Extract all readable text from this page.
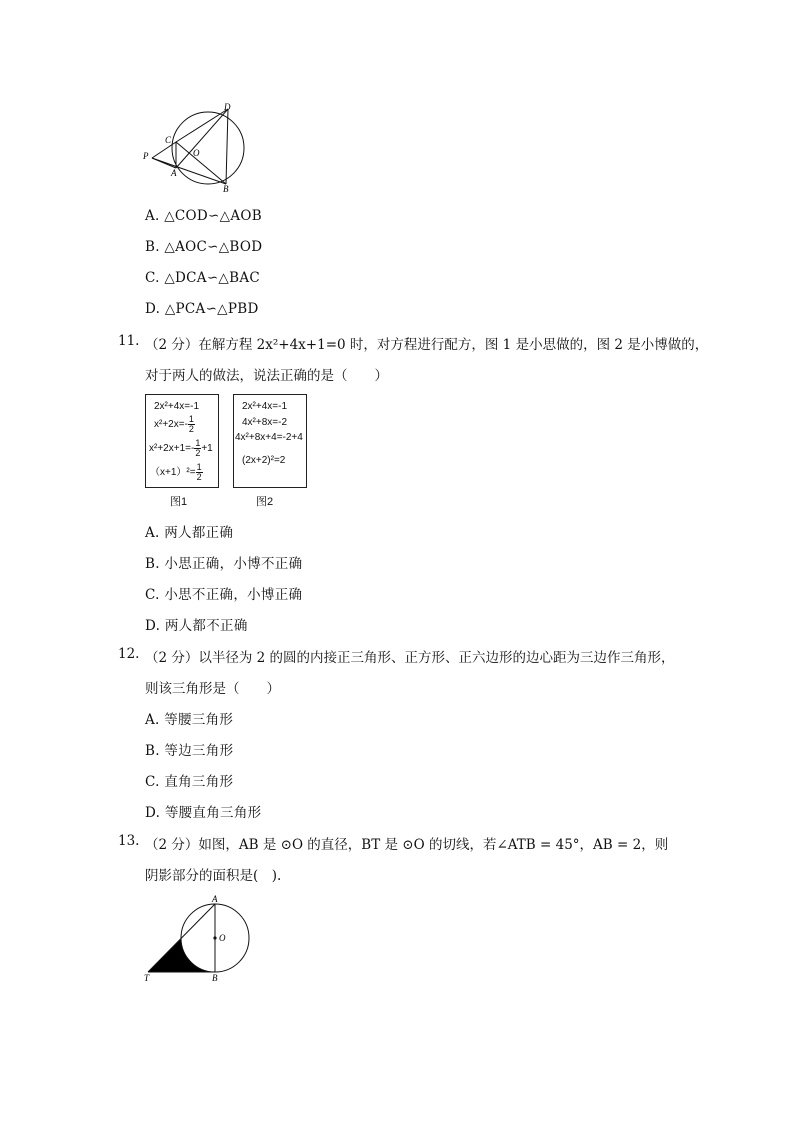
D
C
O
P
A
B
A. △COD∽△AOB
B. △AOC∽△BOD
C. △DCA∽△BAC
D. △PCA∽△PBD
11. （2 分）在解方程 2x²+4x+1=0 时，对方程进行配方，图 1 是小思做的，图 2 是小博做的，
对于两人的做法，说法正确的是（　　）
2x²+4x=-1
$x^2+2x=- \frac{1}{2}$
$x^2+2x+1=- \frac{1}{2} +1$
$(x+1)^2= \frac{1}{2}$
图1
2x²+4x=-1
4x²+8x=-2
4x²+8x+4=-2+4
(2x+2)²=2
图2
A. 两人都正确
B. 小思正确，小博不正确
C. 小思不正确，小博正确
D. 两人都不正确
12. （2 分）以半径为 2 的圆的内接正三角形、正方形、正六边形的边心距为三边作三角形，
则该三角形是（　　）
A. 等腰三角形
B. 等边三角形
C. 直角三角形
D. 等腰直角三角形
13. （2 分）如图，AB 是 ⊙O 的直径，BT 是 ⊙O 的切线，若∠ATB = 45°，AB = 2，则
阴影部分的面积是(　).
A
O
T	B
